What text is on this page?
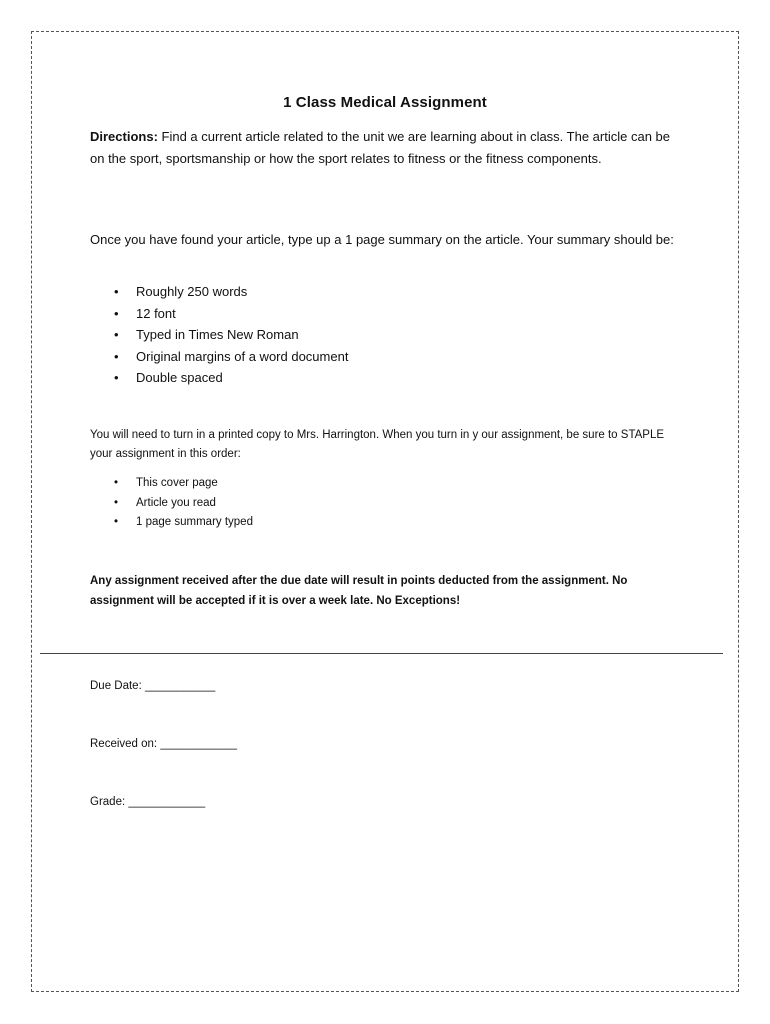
1 Class Medical Assignment
Directions: Find a current article related to the unit we are learning about in class. The article can be on the sport, sportsmanship or how the sport relates to fitness or the fitness components.
Once you have found your article, type up a 1 page summary on the article. Your summary should be:
• Roughly 250 words
• 12 font
• Typed in Times New Roman
• Original margins of a word document
• Double spaced
You will need to turn in a printed copy to Mrs. Harrington. When you turn in y our assignment, be sure to STAPLE your assignment in this order:
• This cover page
• Article you read
• 1 page summary typed
Any assignment received after the due date will result in points deducted from the assignment. No assignment will be accepted if it is over a week late. No Exceptions!
Due Date: ___________
Received on: ____________
Grade: ____________
